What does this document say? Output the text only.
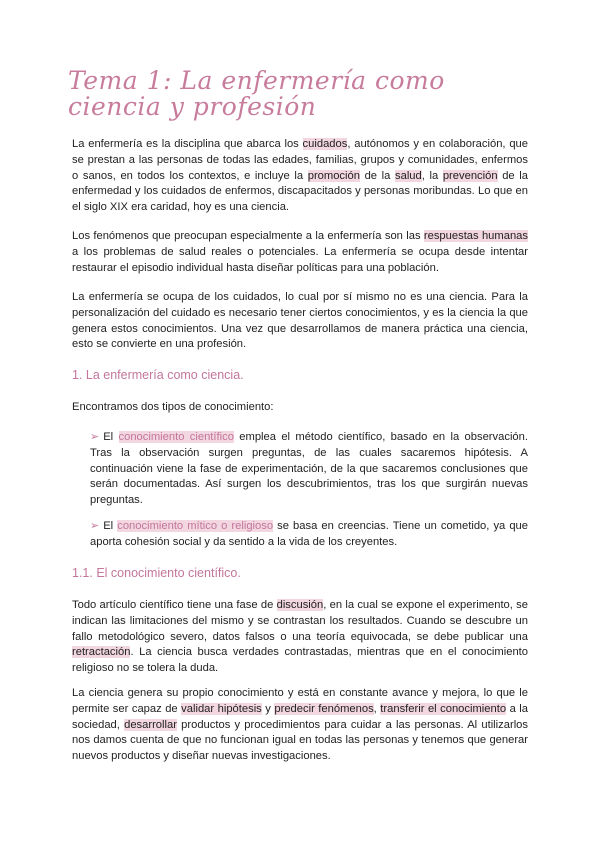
Tema 1: La enfermería como ciencia y profesión

La enfermería es la disciplina que abarca los cuidados, autónomos y en colaboración, que se prestan a las personas de todas las edades, familias, grupos y comunidades, enfermos o sanos, en todos los contextos, e incluye la promoción de la salud, la prevención de la enfermedad y los cuidados de enfermos, discapacitados y personas moribundas. Lo que en el siglo XIX era caridad, hoy es una ciencia.

Los fenómenos que preocupan especialmente a la enfermería son las respuestas humanas a los problemas de salud reales o potenciales. La enfermería se ocupa desde intentar restaurar el episodio individual hasta diseñar políticas para una población.

La enfermería se ocupa de los cuidados, lo cual por sí mismo no es una ciencia. Para la personalización del cuidado es necesario tener ciertos conocimientos, y es la ciencia la que genera estos conocimientos. Una vez que desarrollamos de manera práctica una ciencia, esto se convierte en una profesión.

1. La enfermería como ciencia.

Encontramos dos tipos de conocimiento:

➢ El conocimiento científico emplea el método científico, basado en la observación. Tras la observación surgen preguntas, de las cuales sacaremos hipótesis. A continuación viene la fase de experimentación, de la que sacaremos conclusiones que serán documentadas. Así surgen los descubrimientos, tras los que surgirán nuevas preguntas.

➢ El conocimiento mítico o religioso se basa en creencias. Tiene un cometido, ya que aporta cohesión social y da sentido a la vida de los creyentes.

1.1. El conocimiento científico.

Todo artículo científico tiene una fase de discusión, en la cual se expone el experimento, se indican las limitaciones del mismo y se contrastan los resultados. Cuando se descubre un fallo metodológico severo, datos falsos o una teoría equivocada, se debe publicar una retractación. La ciencia busca verdades contrastadas, mientras que en el conocimiento religioso no se tolera la duda.

La ciencia genera su propio conocimiento y está en constante avance y mejora, lo que le permite ser capaz de validar hipótesis y predecir fenómenos, transferir el conocimiento a la sociedad, desarrollar productos y procedimientos para cuidar a las personas. Al utilizarlos nos damos cuenta de que no funcionan igual en todas las personas y tenemos que generar nuevos productos y diseñar nuevas investigaciones.
